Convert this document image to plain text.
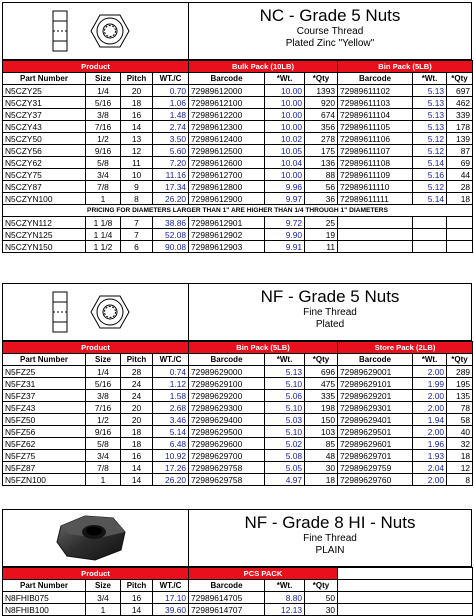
NC - Grade 5 Nuts
Course Thread
Plated Zinc "Yellow"
Product				Bulk Pack (10LB)			Bin Pack (5LB)		
Part Number	Size	Pitch	WT./C	Barcode	*Wt.	*Qty	Barcode	*Wt.	*Qty
N5CZY25	1/4	20	0.70	72989612000	10.00	1393	72989611102	5.13	697
N5CZY31	5/16	18	1.06	72989612100	10.00	920	72989611103	5.13	462
N5CZY37	3/8	16	1.48	72989612200	10.00	674	72989611104	5.13	339
N5CZY43	7/16	14	2.74	72989612300	10.00	356	72989611105	5.13	178
N5CZY50	1/2	13	3.50	72989612400	10.02	278	72989611106	5.12	139
N5CZY56	9/16	12	5.60	72989612500	10.05	175	72989611107	5.12	87
N5CZY62	5/8	11	7.20	72989612600	10.04	136	72989611108	5.14	69
N5CZY75	3/4	10	11.16	72989612700	10.00	88	72989611109	5.16	44
N5CZY87	7/8	9	17.34	72989612800	9.96	56	72989611110	5.12	28
N5CZYN100	1	8	26.20	72989612900	9.97	36	72989611111	5.14	18
PRICING FOR DIAMETERS LARGER THAN 1" ARE HIGHER THAN 1/4 THROUGH 1" DIAMETERS									
N5CZYN112	1 1/8	7	38.86	72989612901	9.72	25			
N5CZYN125	1 1/4	7	52.08	72989612902	9.90	19			
N5CZYN150	1 1/2	6	90.08	72989612903	9.91	11			
NF - Grade 5 Nuts
Fine Thread
Plated
Product				Bin Pack (5LB)			Store Pack (2LB)		
Part Number	Size	Pitch	WT./C	Barcode	*Wt.	*Qty	Barcode	*Wt.	*Qty
N5FZ25	1/4	28	0.74	72989629000	5.13	696	72989629001	2.00	289
N5FZ31	5/16	24	1.12	72989629100	5.10	475	72989629101	1.99	195
N5FZ37	3/8	24	1.58	72989629200	5.06	335	72989629201	2.00	135
N5FZ43	7/16	20	2.68	72989629300	5.10	198	72989629301	2.00	78
N5FZ50	1/2	20	3.46	72989629400	5.03	150	72989629401	1.94	58
N5FZ56	9/16	18	5.14	72989629500	5.10	103	72989629501	2.00	40
N5FZ62	5/8	18	6.48	72989629600	5.02	85	72989629601	1.96	32
N5FZ75	3/4	16	10.92	72989629700	5.08	48	72989629701	1.93	18
N5FZ87	7/8	14	17.26	72989629758	5.05	30	72989629759	2.04	12
N5FZN100	1	14	26.20	72989629758	4.97	18	72989629760	2.00	8
NF - Grade 8 HI - Nuts
Fine Thread
PLAIN
Product				PCS PACK			
Part Number	Size	Pitch	WT./C	Barcode	*Wt.	*Qty	
N8FHIB075	3/4	16	17.10	72989614705	8.80	50	
N8FHIB100	1	14	39.60	72989614707	12.13	30	
